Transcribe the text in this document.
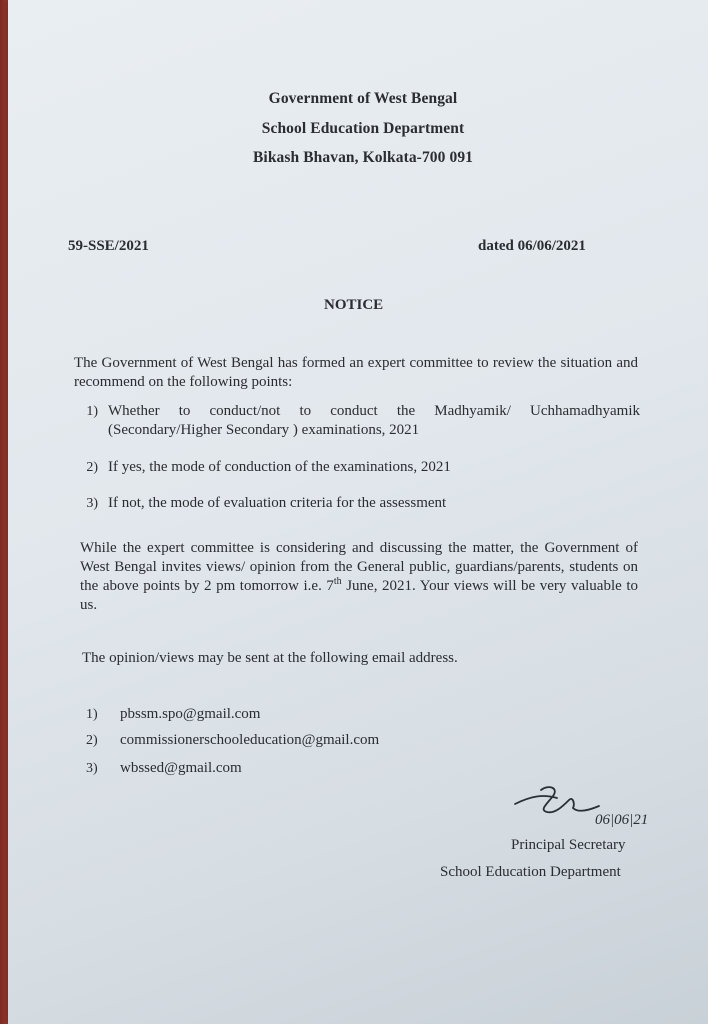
Government of West Bengal
School Education Department
Bikash Bhavan, Kolkata-700 091
59-SSE/2021	dated 06/06/2021
NOTICE
The Government of West Bengal has formed an expert committee to review the situation and recommend on the following points:
1) Whether to conduct/not to conduct the Madhyamik/ Uchhamadhyamik (Secondary/Higher Secondary ) examinations, 2021
2) If yes, the mode of conduction of the examinations, 2021
3) If not, the mode of evaluation criteria for the assessment
While the expert committee is considering and discussing the matter, the Government of West Bengal invites views/ opinion from the General public, guardians/parents, students on the above points by 2 pm tomorrow i.e. 7th June, 2021. Your views will be very valuable to us.
The opinion/views may be sent at the following email address.
1) pbssm.spo@gmail.com
2) commissionerschooleducation@gmail.com
3) wbssed@gmail.com
06|06|21
Principal Secretary
School Education Department
